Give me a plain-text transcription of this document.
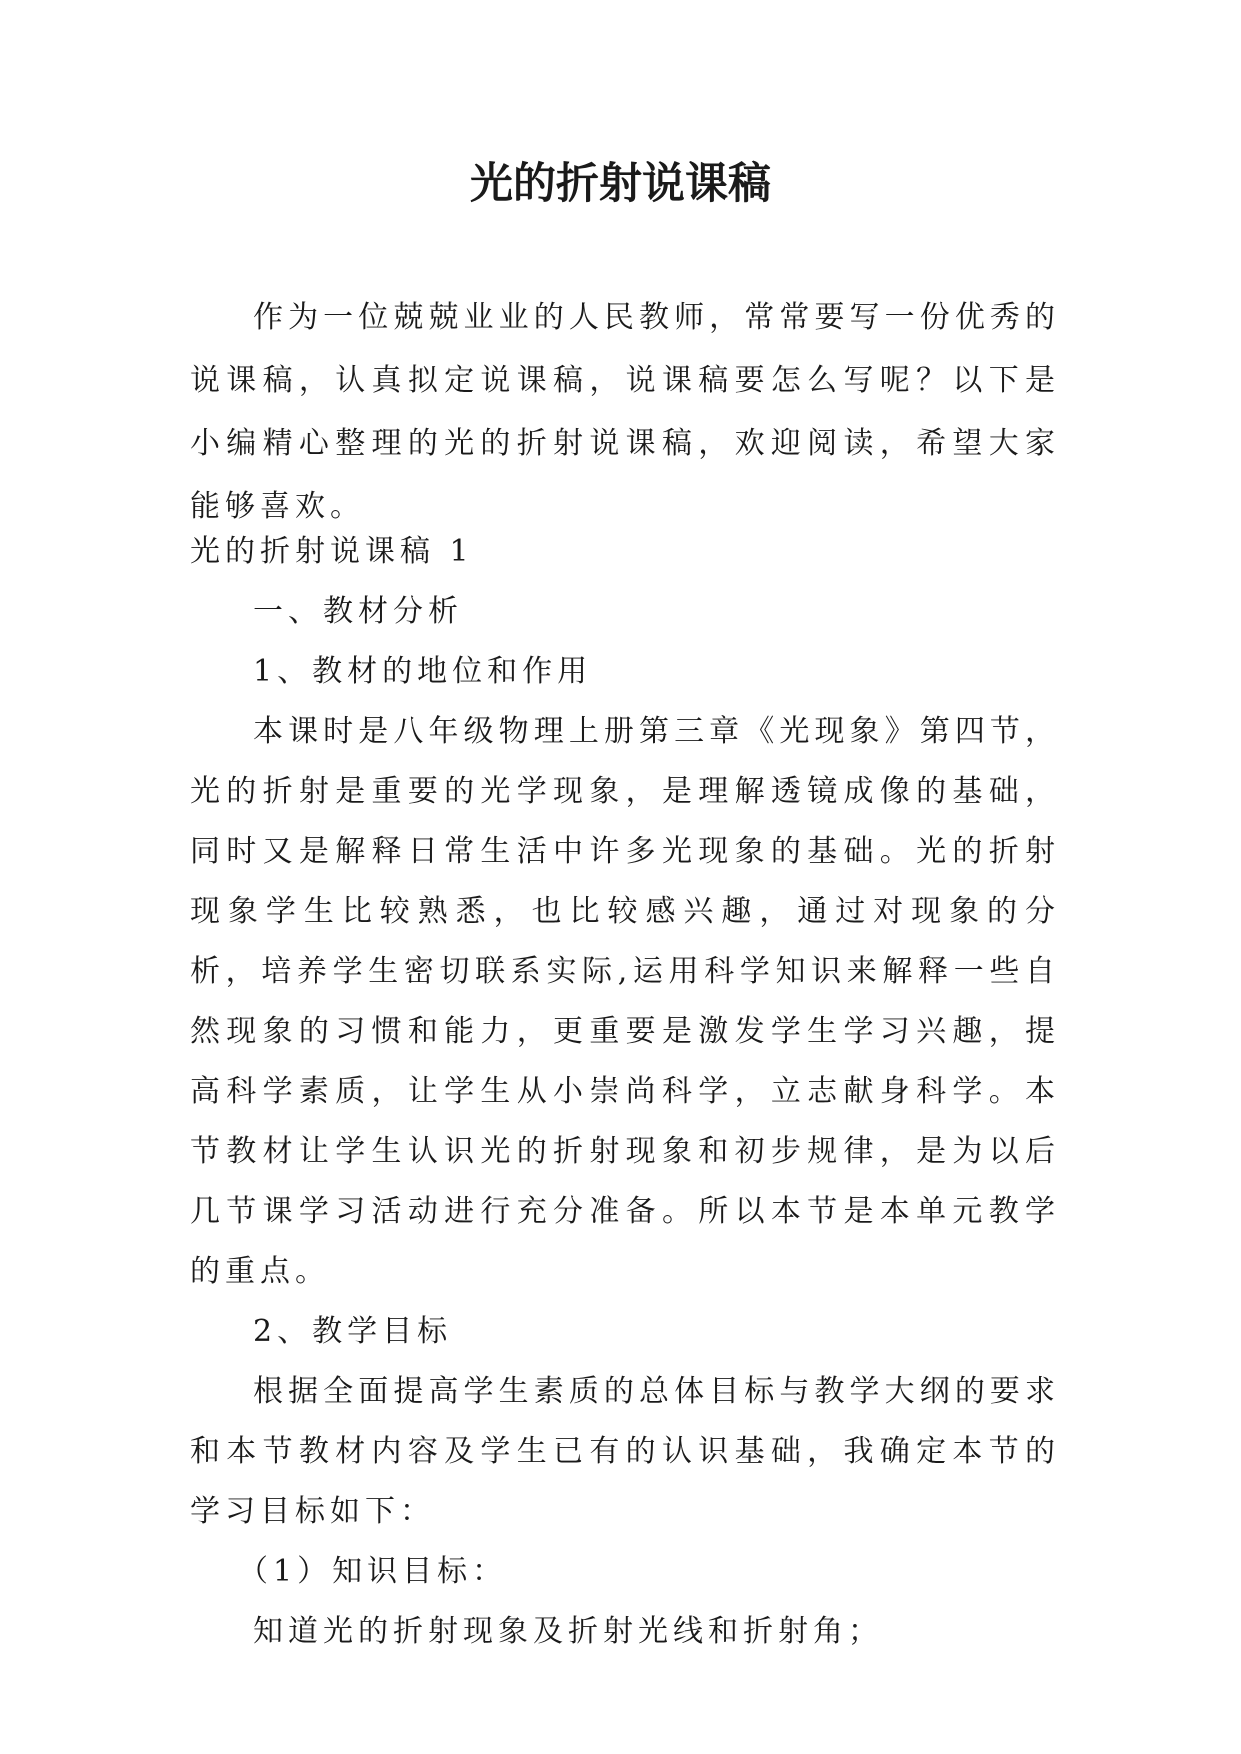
光的折射说课稿

作为一位兢兢业业的人民教师，常常要写一份优秀的说课稿，认真拟定说课稿，说课稿要怎么写呢？以下是小编精心整理的光的折射说课稿，欢迎阅读，希望大家能够喜欢。

光的折射说课稿 1

一、教材分析

1、教材的地位和作用

本课时是八年级物理上册第三章《光现象》第四节，光的折射是重要的光学现象，是理解透镜成像的基础，同时又是解释日常生活中许多光现象的基础。光的折射现象学生比较熟悉，也比较感兴趣，通过对现象的分析，培养学生密切联系实际,运用科学知识来解释一些自然现象的习惯和能力，更重要是激发学生学习兴趣，提高科学素质，让学生从小崇尚科学，立志献身科学。本节教材让学生认识光的折射现象和初步规律，是为以后几节课学习活动进行充分准备。所以本节是本单元教学的重点。

2、教学目标

根据全面提高学生素质的总体目标与教学大纲的要求和本节教材内容及学生已有的认识基础，我确定本节的学习目标如下：

（1）知识目标：

知道光的折射现象及折射光线和折射角；
